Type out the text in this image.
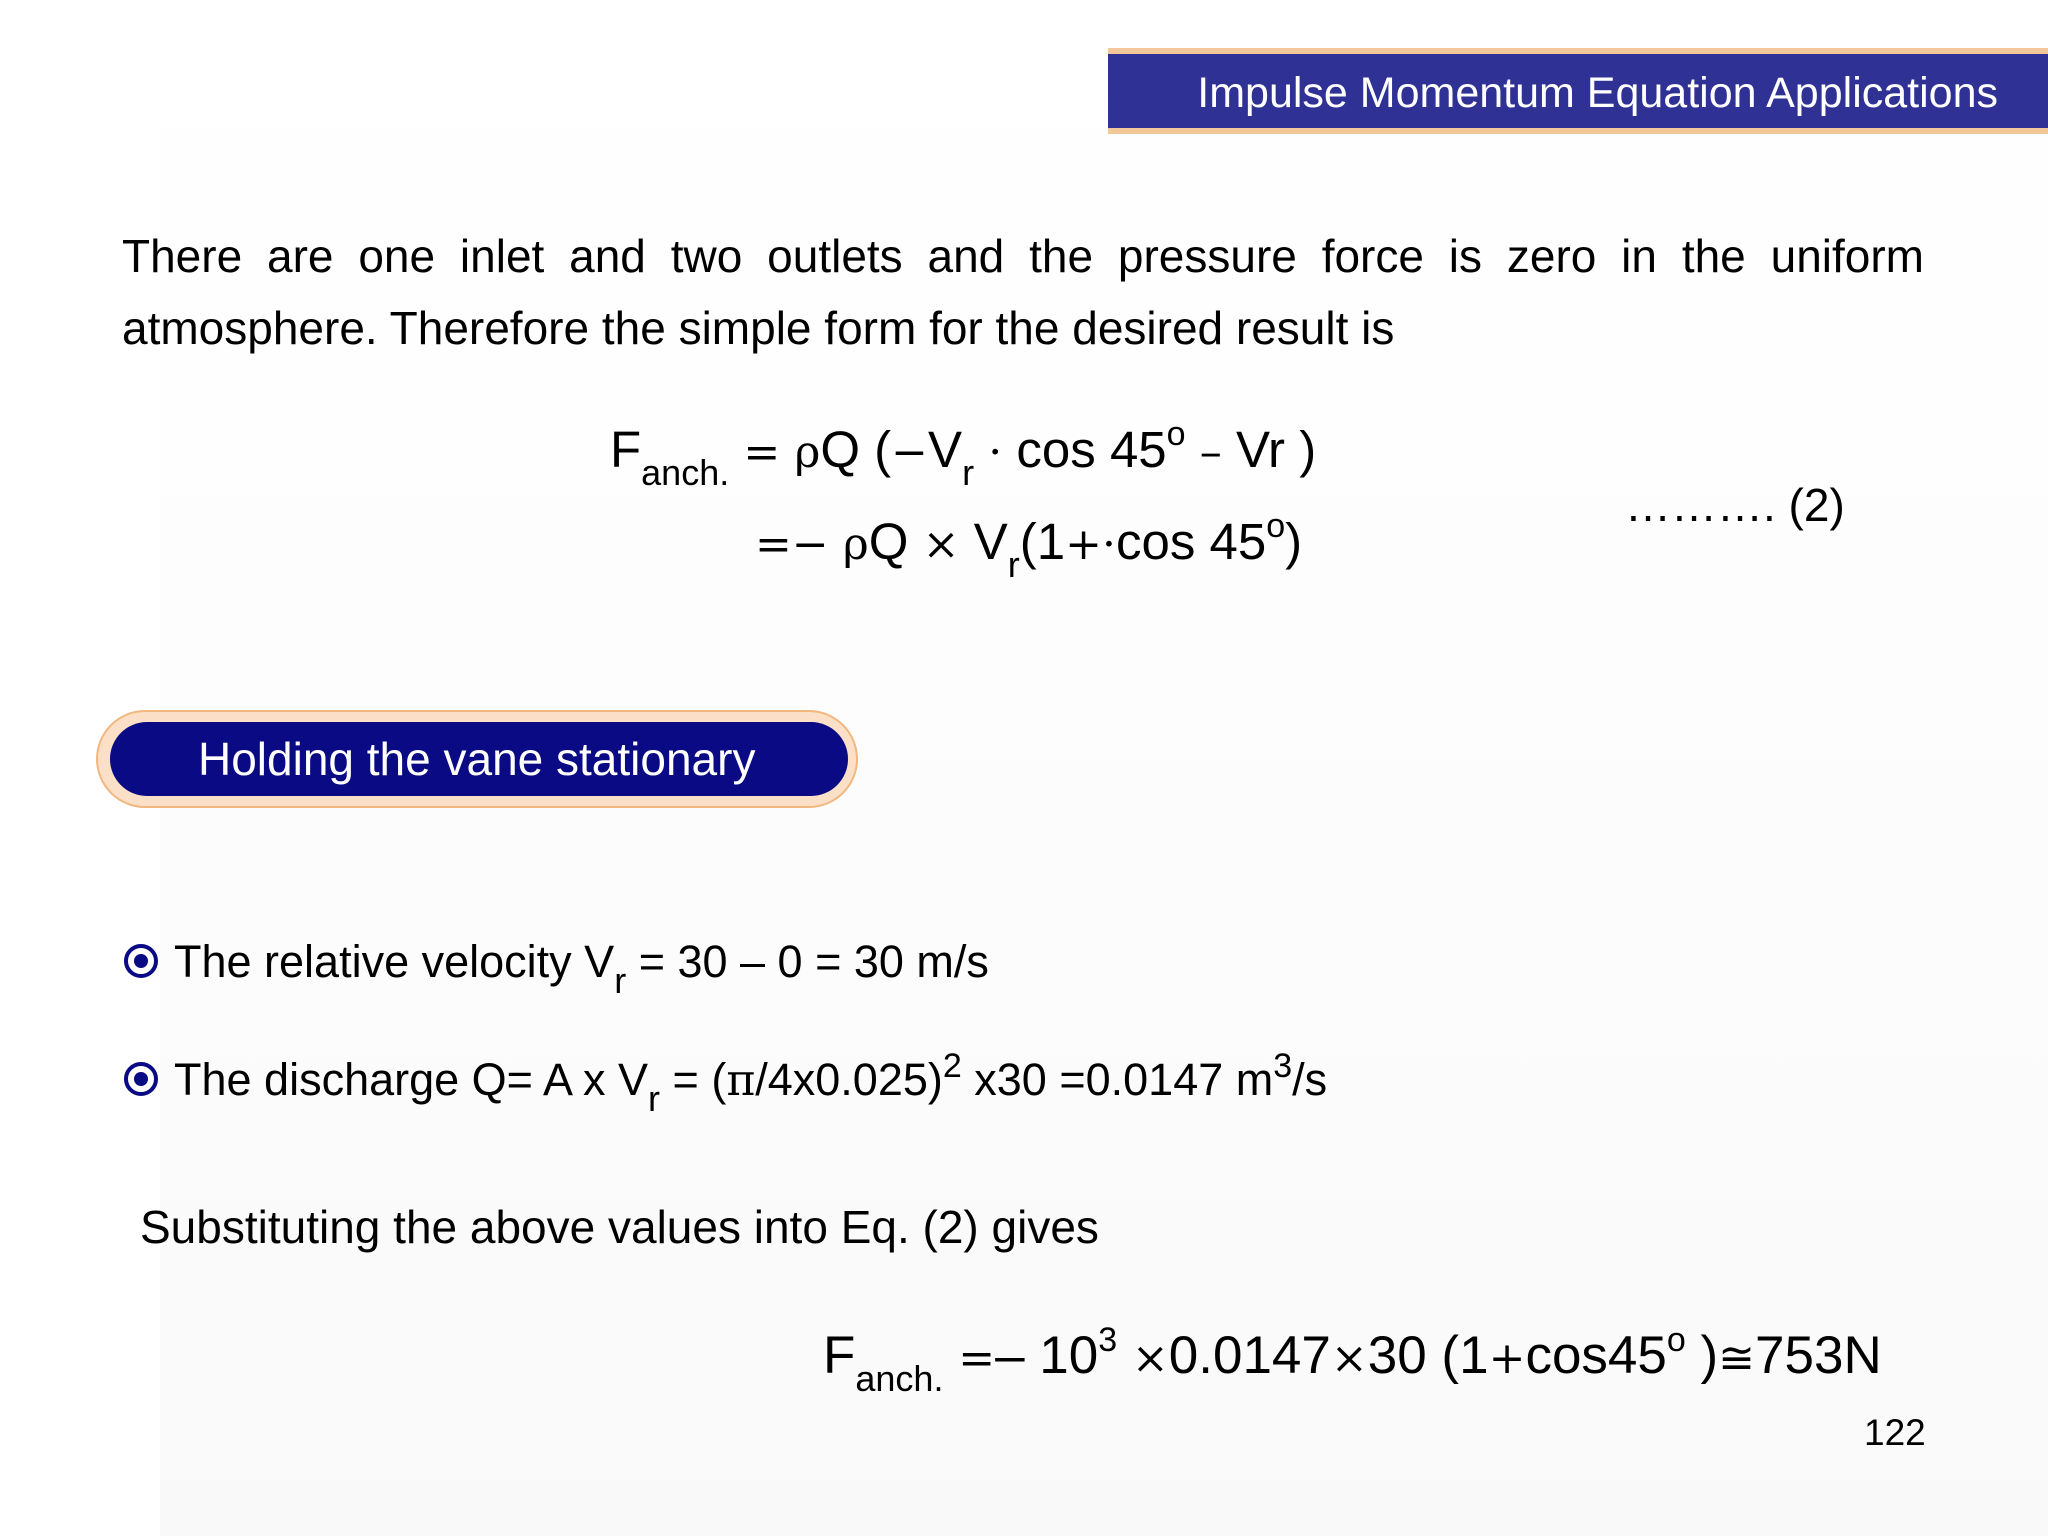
Impulse Momentum Equation Applications
There are one inlet and two outlets and the pressure force is zero in the uniform
atmosphere. Therefore the simple form for the desired result is
$F_{anch.} = \rho Q$ ($-V_r \cdot \cos 45^o - Vr$ )
=− $\rho Q \times V_r(1+\cdot\cos$ 45$^o$)
………. (2)
Holding the vane stationary
The relative velocity $V_r = 30 - 0 = 30$ m/s
The discharge Q= A x $V_r = (\pi/4x0.025)^2$ x30 =0.0147 $m^3/s$
Substituting the above values into Eq. (2) gives
$F_{anch.} =- 10^3 \times 0.0147\times 30$ ($1+\cos 45^o$ )≅753N
122
